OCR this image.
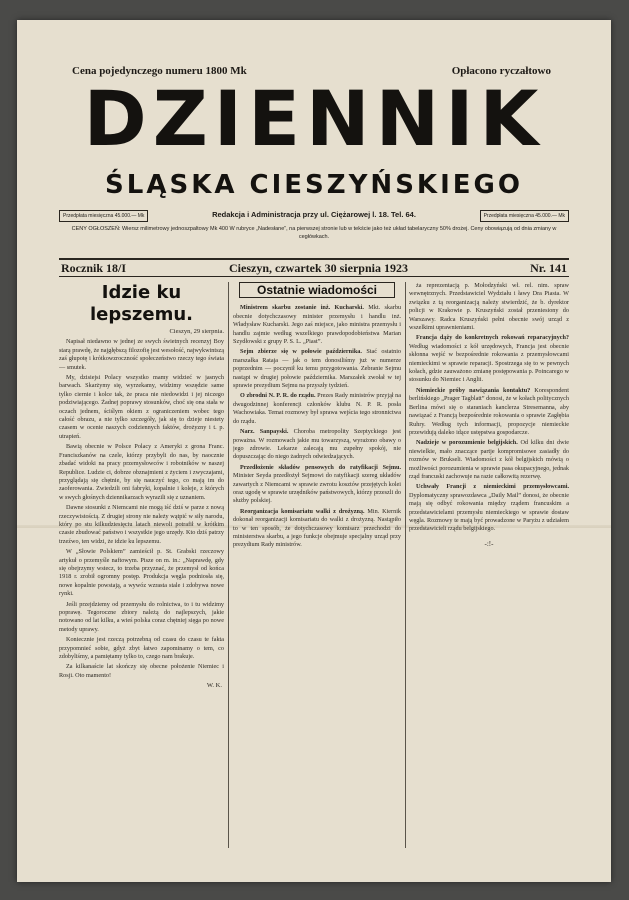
Cena pojedynczego numeru 1800 Mk	Opłacono ryczałtowo
DZIENNIK
ŚLĄSKA CIESZYŃSKIEGO
Przedpłata miesięczna 45.000.— Mk	Redakcja i Administracja przy ul. Ciężarowej l. 18. Tel. 64.	Przedpłata miesięczna 45.000.— Mk
CENY OGŁOSZEŃ: Wiersz milimetrowy jednoszpaltowy Mk 400 W rubryce „Nadesłane”, na pierwszej stronie lub w tekście jako też układ tabelaryczny 50% drożej. Ceny obowiązują od dnia zmiany w cegłówkach.
Rocznik 18/I	Cieszyn, czwartek 30 sierpnia 1923	Nr. 141
Idzie ku lepszemu.
Cieszyn, 29 sierpnia.

Napisał niedawno w jednej ze swych świetnych recenzyj Boy starą prawdę, że najgłębszą filozofię jest wesołość, najwykwintszą zaś głupotę i krótkowzroczność społeczeństwo rzeczy tego świata — smutek.

My, dzisiejsi Polacy wszystko mamy widzieć w jasnych barwach. Skarżymy się, wyrzekamy, widzimy wszędzie same tylko ciernie i kolce tak, że praca nie niedowidzi i jej niczego podziwiającego. Żadnej poprawy stosunków, choć się ona stała w oczach jednem, ściślym okiem z ograniczeniem wobec tego całość obrazu, a nie tylko szczegóły, jak się to dzieje niestety czasem w ocenie naszych codziennych faktów, drożyzny i t. p. utrapień.

Bawią obecnie w Polsce Polacy z Ameryki z grona Franc. Franciszkanów na czele, którzy przybyli do nas, by naocznie zbadać widoki na pracy przemysłowców i robotników w naszej Republice. Ludzie ci, dobrze obznajmieni z życiem i zwyczajami, przyglądają się chętnie, by się nauczyć tego, co mają im do zaoferowania. Zwiedzili oni fabryki, kopalnie i koleje, z których w swych głośnych dziennikarzach wyrazili się z uznaniem.

Dawne stosunki z Niemcami nie mogą iść dziś w parze z nową rzeczywistością. Z drugiej strony nie należy wątpić w siły narodu, który po stu kilkudziesięciu latach niewoli potrafił w krótkim czasie zbudować państwo i wszystkie jego urzędy. Kto dziś patrzy trzeźwo, ten widzi, że idzie ku lepszemu.

W „Słowie Polskiem” zamieścił p. St. Grabski rzeczowy artykuł o przemyśle naftowym. Pisze on m. in.: „Naprawdę, gdy się obejrzymy wstecz, to trzeba przyznać, że przemysł od końca 1918 r. zrobił ogromny postęp. Produkcja węgla podniosła się, nowe kopalnie powstają, a wywóz wzrasta stale i zdobywa nowe rynki.

Jeśli przejdziemy od przemysłu do rolnictwa, to i tu widzimy poprawę. Tegoroczne zbiory należą do najlepszych, jakie notowano od lat kilku, a wieś polska coraz chętniej sięga po nowe metody uprawy.

Koniecznie jest rzeczą potrzebną od czasu do czasu te fakta przypomnieć sobie, gdyż zbyt łatwo zapominamy o tem, co zdobyliśmy, a pamiętamy tylko to, czego nam brakuje.

Za kilkanaście lat skończy się obecne położenie Niemiec i Rosji. Oto mamento!

W. K.
Ostatnie wiadomości

Ministrem skarbu zostanie inż. Kucharski. Mkt. skarbu obecnie dotychczasowy minister przemysłu i handlu inż. Władysław Kucharski. Jego zaś miejsce, jako ministra przemysłu i handlu zajmie według wszelkiego prawdopodobieństwa Marian Szydłowski z grupy P. S. L. „Piast”.

Sejm zbierze się w połowie października. Stać ostatnio marszałka Rataja — jak o tem donosiliśmy już w numerze poprzednim — poczynił ku temu przygotowania. Zebranie Sejmu nastąpi w drugiej połowie października. Marszałek zwołał w tej sprawie prezydium Sejmu na przyszły tydzień.

O zbrodni N. P. R. do rządu. Prezes Rady ministrów przyjął na dwugodzinnej konferencji członków klubu N. P. R. posła Wachowiaka. Temat rozmowy był sprawa wejścia tego stronnictwa do rządu.

Narz. Sanpayski. Choroba metropolity Szeptyckiego jest poważna. W rozmowach jakie mu towarzyszą, wyrażono obawy o jego zdrowie. Lekarze zalecają mu zupełny spokój, nie dopuszczając do niego żadnych odwiedzających.

Przedłożenie składów pensowych do ratyfikacji Sejmu. Minister Seyda przedłożył Sejmowi do ratyfikacji szereg układów zawartych z Niemcami w sprawie zwrotu kosztów przejętych kolei oraz ugodę w sprawie urzędników państwowych, którzy przeszli do służby polskiej.

Reorganizacja komisariatu walki z drożyzną. Min. Kiernik dokonał reorganizacji komisariatu do walki z drożyzną. Nastąpiło to w ten sposób, że dotychczasowy komisarz przechodzi do ministerstwa skarbu, a jego funkcje obejmuje specjalny urząd przy prezydium Rady ministrów.

ża reprezentacją p. Mołodzyński wł. rel. nim. spraw wewnętrznych. Przedstawiciel Wydziału i ławy Dra Piasta. W związku z tą reorganizacją należy stwierdzić, że b. dyrektor policji w Krakowie p. Kruszyński został przeniesiony do Warszawy. Radca Kruszyński pełni obecnie swój urząd z wszelkimi uprawnieniami.

Francja dąży do konkretnych rokowań reparacyjnych? Według wiadomości z kół urzędowych, Francja jest obecnie skłonna wejść w bezpośrednie rokowania z przemysłowcami niemieckimi w sprawie reparacji. Spostrzega się to w pewnych kołach, gdzie zauważono zmianę postępowania p. Poincarego w stosunku do Niemiec i Anglii.

Niemieckie próby nawiązania kontaktu? Korespondent berlińskiego „Prager Tagblatt” donosi, że w kołach politycznych Berlina mówi się o staraniach kanclerza Stresemanna, aby nawiązać z Francją bezpośrednie rokowania o sprawie Zagłębia Ruhry. Według tych informacji, propozycje niemieckie przewidują daleko idące ustępstwa gospodarcze.

Nadzieje w porozumienie belgijskich. Od kilku dni dwie niewielkie, mało znaczące partje kompromisowe zasiadły do rozmów w Brukseli. Wiadomości z kół belgijskich mówią o możliwości porozumienia w sprawie pasa okupacyjnego, jednak rząd francuski zachowuje na razie całkowitą rezerwę.

Uchwały Francji z niemieckimi przemysłowcami. Dyplomatyczny sprawozdawca „Daily Mail” donosi, że obecnie mają się odbyć rokowania między rządem francuskim a przedstawicielami przemysłu niemieckiego w sprawie dostaw węgla. Rozmowy te mają być prowadzone w Paryżu z udziałem przedstawicieli rządu belgijskiego.

-:!-
